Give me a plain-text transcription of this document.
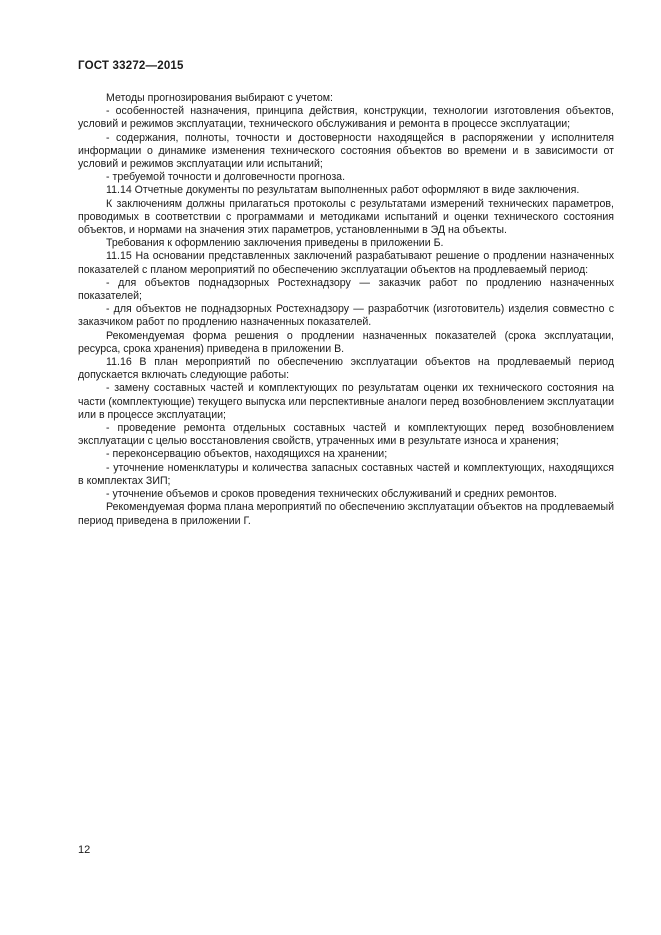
ГОСТ 33272—2015

Методы прогнозирования выбирают с учетом:

- особенностей назначения, принципа действия, конструкции, технологии изготовления объектов, условий и режимов эксплуатации, технического обслуживания и ремонта в процессе эксплуатации;

- содержания, полноты, точности и достоверности находящейся в распоряжении у исполнителя информации о динамике изменения технического состояния объектов во времени и в зависимости от условий и режимов эксплуатации или испытаний;

- требуемой точности и долговечности прогноза.

11.14 Отчетные документы по результатам выполненных работ оформляют в виде заключения.

К заключениям должны прилагаться протоколы с результатами измерений технических параметров, проводимых в соответствии с программами и методиками испытаний и оценки технического состояния объектов, и нормами на значения этих параметров, установленными в ЭД на объекты.

Требования к оформлению заключения приведены в приложении Б.

11.15 На основании представленных заключений разрабатывают решение о продлении назначенных показателей с планом мероприятий по обеспечению эксплуатации объектов на продлеваемый период:

- для объектов поднадзорных Ростехнадзору — заказчик работ по продлению назначенных показателей;

- для объектов не поднадзорных Ростехнадзору — разработчик (изготовитель) изделия совместно с заказчиком работ по продлению назначенных показателей.

Рекомендуемая форма решения о продлении назначенных показателей (срока эксплуатации, ресурса, срока хранения) приведена в приложении В.

11.16 В план мероприятий по обеспечению эксплуатации объектов на продлеваемый период допускается включать следующие работы:

- замену составных частей и комплектующих по результатам оценки их технического состояния на части (комплектующие) текущего выпуска или перспективные аналоги перед возобновлением эксплуатации или в процессе эксплуатации;

- проведение ремонта отдельных составных частей и комплектующих перед возобновлением эксплуатации с целью восстановления свойств, утраченных ими в результате износа и хранения;

- переконсервацию объектов, находящихся на хранении;

- уточнение номенклатуры и количества запасных составных частей и комплектующих, находящихся в комплектах ЗИП;

- уточнение объемов и сроков проведения технических обслуживаний и средних ремонтов.

Рекомендуемая форма плана мероприятий по обеспечению эксплуатации объектов на продлеваемый период приведена в приложении Г.

12
